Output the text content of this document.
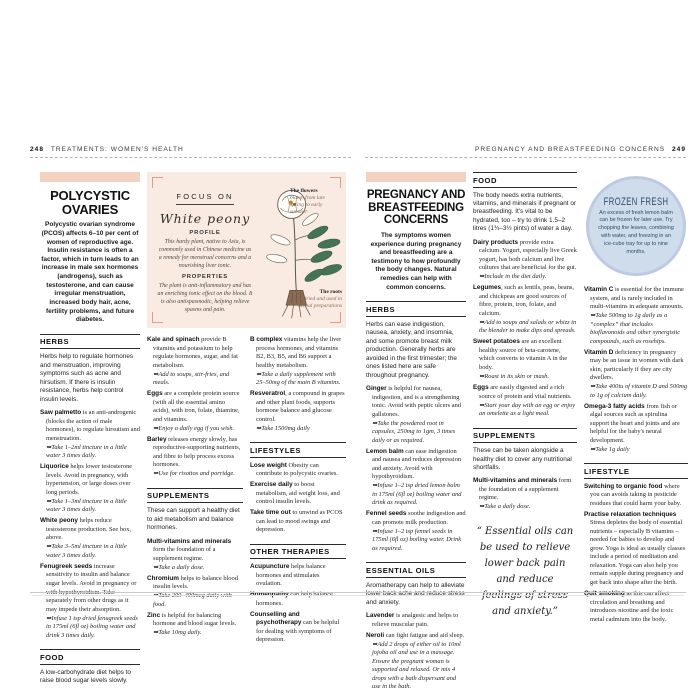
248 TREATMENTS: WOMEN'S HEALTH	PREGNANCY AND BREASTFEEDING CONCERNS 249
POLYCYSTIC OVARIES

Polycystic ovarian syndrome (PCOS) affects 6–10 per cent of women of reproductive age. Insulin resistance is often a factor, which in turn leads to an increase in male sex hormones (androgens), such as testosterone, and can cause irregular menstruation, increased body hair, acne, fertility problems, and future diabetes.

HERBS

Herbs help to regulate hormones and menstruation, improving symptoms such as acne and hirsutism. If there is insulin resistance, herbs help control insulin levels.

Saw palmetto is an anti-androgenic (blocks the action of male hormones), to regulate hirsutism and menstruation.
➥Take 1–2ml tincture in a little water 3 times daily.
Liquorice helps lower testosterone levels. Avoid in pregnancy, with hypertension, or large doses over long periods.
➥Take 1–3ml tincture in a little water 3 times daily.
White peony helps reduce testosterone production. See box, above.
➥Take 3–5ml tincture in a little water 3 times daily.
Fenugreek seeds increase sensitivity to insulin and balance sugar levels. Avoid in pregnancy or with hypothyroidism. Take separately from other drugs as it may impede their absorption.
➥Infuse 1 tsp dried fenugreek seeds in 175ml (6fl oz) boiling water and drink 3 times daily.
FOOD

A low-carbohydrate diet helps to raise blood sugar levels slowly.

FOCUS ON
White peony
PROFILE

This hardy plant, native to Asia, is commonly used in Chinese medicine as a remedy for menstrual concerns and a nourishing liver tonic.

PROPERTIES

The plant is anti-inflammatory and has an enriching tonic effect on the blood. It is also antispasmodic, helping relieve spasms and pain.

The flowers
bloom from late spring to early summer
The roots
are dried and used in herbal preparations
Kale and spinach provide B vitamins and potassium to help regulate hormones, sugar, and fat metabolism.
➥Add to soups, stir-fries, and meals.
Eggs are a complete protein source (with all the essential amino acids), with iron, folate, thiamine, and vitamins.
➥Enjoy a daily egg if you wish.
Barley releases energy slowly, has reproductive-supporting nutrients, and fibre to help process excess hormones.
➥Use for risottos and porridge.
SUPPLEMENTS

These can support a healthy diet to aid metabolism and balance hormones.

Multi-vitamins and minerals form the foundation of a supplement regime.
➥Take a daily dose.
Chromium helps to balance blood insulin levels.
➥Take 200–400mcg daily with food.
Zinc is helpful for balancing hormone and blood sugar levels.
➥Take 10mg daily.
B complex vitamins help the liver process hormones, and vitamins B2, B3, B5, and B6 support a healthy metabolism.
➥Take a daily supplement with 25–50mg of the main B vitamins.
Resveratrol, a compound in grapes and other plant foods, supports hormone balance and glucose control.
➥Take 1500mg daily
LIFESTYLES
Lose weight Obesity can contribute to polycystic ovaries.
Exercise daily to boost metabolism, aid weight loss, and control insulin levels.
Take time out to unwind as PCOS can lead to mood swings and depression.
OTHER THERAPIES
Acupuncture helps balance hormones and stimulates ovulation.
Homeopathy can help balance hormones.
Counselling and psychotherapy can be helpful for dealing with symptoms of depression.
PREGNANCY AND BREASTFEEDING CONCERNS

The symptoms women experience during pregnancy and breastfeeding are a testimony to how profoundly the body changes. Natural remedies can help with common concerns.

HERBS

Herbs can ease indigestion, nausea, anxiety, and insomnia, and some promote breast milk production. Generally herbs are avoided in the first trimester; the ones listed here are safe throughout pregnancy.

Ginger is helpful for nausea, indigestion, and is a strengthening tonic. Avoid with peptic ulcers and gallstones.
➥Take the powdered root in capsules, 250mg to 1gm, 3 times daily or as required.
Lemon balm can ease indigestion and nausea and reduces depression and anxiety. Avoid with hypothyroidism.
➥Infuse 1–2 tsp dried lemon balm in 175ml (6fl oz) boiling water and drink as required.
Fennel seeds soothe indigestion and can promote milk production.
➥Infuse 1–2 tsp fennel seeds in 175ml (6fl oz) boiling water. Drink as required.
ESSENTIAL OILS

Aromatherapy can help to alleviate lower back ache and reduce stress and anxiety.

Lavender is analgesic and helps to relieve muscular pain.
Neroli can fight fatigue and aid sleep.
➥Add 2 drops of either oil to 10ml jojoba oil and use in a massage. Ensure the pregnant woman is supported and relaxed. Or mix 4 drops with a bath dispersant and use in the bath.
FOOD

The body needs extra nutrients, vitamins, and minerals if pregnant or breastfeeding. It's vital to be hydrated, too – try to drink 1.5–2 litres (1¾–3½ pints) of water a day.

Dairy products provide extra calcium. Yogurt, especially live Greek yogurt, has both calcium and live cultures that are beneficial for the gut.
➥Include in the diet daily.
Legumes, such as lentils, peas, beans, and chickpeas are good sources of fibre, protein, iron, folate, and calcium.
➥Add to soups and salads or whizz in the blender to make dips and spreads.
Sweet potatoes are an excellent healthy source of beta-carotene, which converts to vitamin A in the body.
➥Roast in its skin or mash.
Eggs are easily digested and a rich source of protein and vital nutrients.
➥Start your day with an egg or enjoy an omelette as a light meal.
SUPPLEMENTS

These can be taken alongside a healthy diet to cover any nutritional shortfalls.

Multi-vitamins and minerals form the foundation of a supplement regime.
➥Take a daily dose.
“ Essential oils can be used to relieve lower back pain and reduce feelings of stress and anxiety.”
FROZEN FRESH
An excess of fresh lemon balm can be frozen for later use. Try chopping the leaves, combining with water, and freezing in an ice-cube tray for up to nine months.
Vitamin C is essential for the immune system, and is rarely included in multi-vitamins in adequate amounts.
➥Take 500mg to 1g daily as a “complex” that includes bioflavonoids and other synergistic compounds, such as rosehips.
Vitamin D deficiency in pregnancy may be an issue in women with dark skin, particularly if they are city dwellers.
➥Take 400iu of vitamin D and 500mg to 1g of calcium daily.
Omega-3 fatty acids from fish or algal sources such as spirulina support the heart and joints and are helpful for the baby's neural development.
➥Take 1g daily
LIFESTYLE
Switching to organic food where you can avoids taking in pesticide residues that could harm your baby.
Practise relaxation techniques Stress depletes the body of essential nutrients – especially B vitamins – needed for babies to develop and grow. Yoga is ideal as usually classes include a period of meditation and relaxation. Yoga can also help you remain supple during pregnancy and get back into shape after the birth.
Quit smoking as this can affect circulation and breathing and introduces nicotine and the toxic metal cadmium into the body.
